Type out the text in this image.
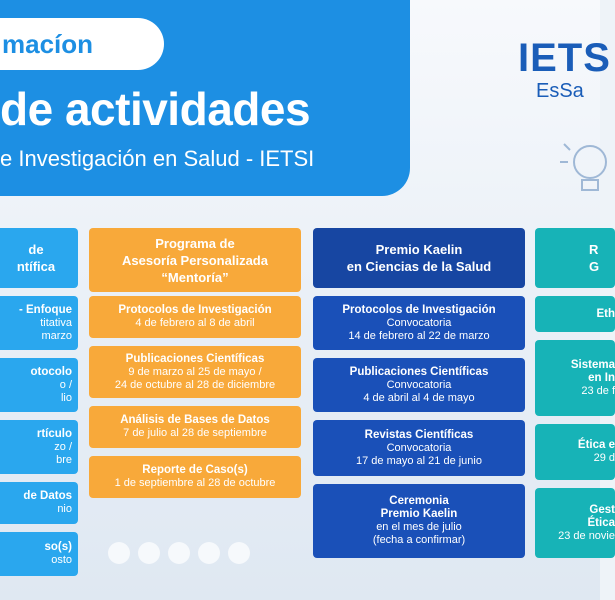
macíon
de actividades
e Investigación en Salud - IETSI
IETS
EsSa
de
ntífica
- Enfoque
titativa
marzo
otocolo
o /
lio
rtículo
zo /
bre
de Datos
nio
so(s)
osto
Programa de
Asesoría Personalizada
“Mentoría”
Protocolos de Investigación
4 de febrero al 8 de abril
Publicaciones Científicas
9 de marzo al 25 de mayo /
24 de octubre al 28 de diciembre
Análisis de Bases de Datos
7 de julio al 28 de septiembre
Reporte de Caso(s)
1 de septiembre al 28 de octubre
Premio Kaelin
en Ciencias de la Salud
Protocolos de Investigación
Convocatoria
14 de febrero al 22 de marzo
Publicaciones Científicas
Convocatoria
4 de abril al 4 de mayo
Revistas Científicas
Convocatoria
17 de mayo al 21 de junio
Ceremonia
Premio Kaelin
en el mes de julio
(fecha a confirmar)
R
G
Eth
Sistema
en In
23 de f
Ética e
29 d
Gest
Ética
23 de novie
